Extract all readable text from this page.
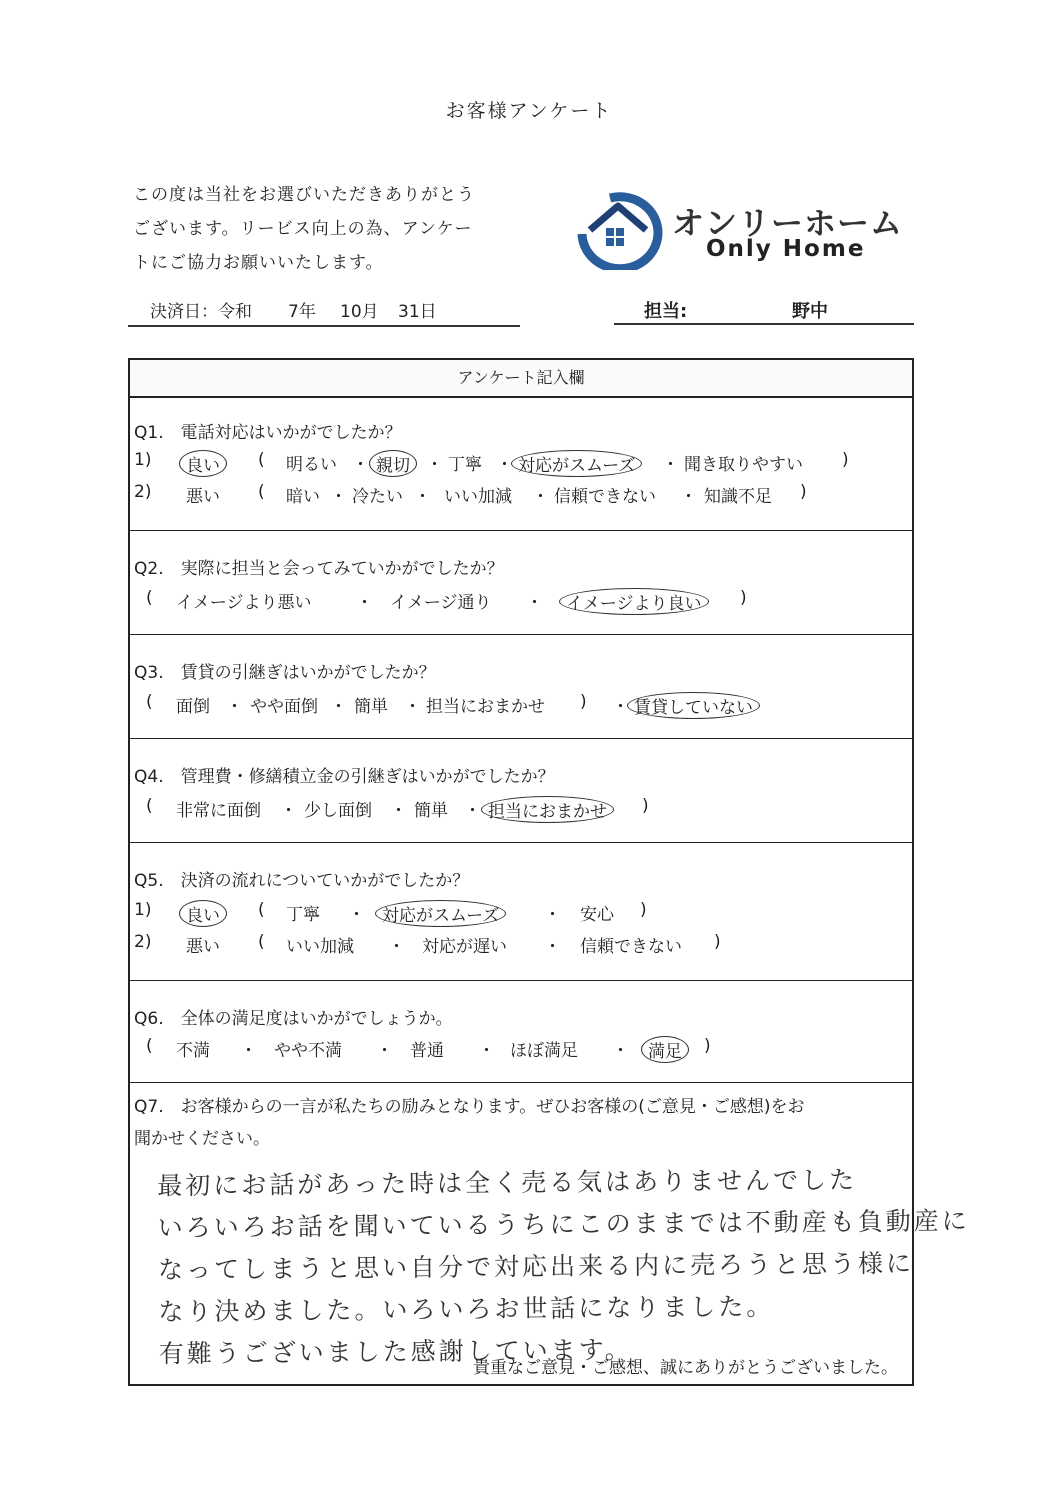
お客様アンケート
この度は当社をお選びいただきありがとう
ございます。リービス向上の為、アンケー
トにご協力お願いいたします。
オンリーホーム
Only Home
決済日：令和 7年 10月 31日	担当:	野中
アンケート記入欄
Q1.　電話対応はいかがでしたか？
1)	良い	( 明るい ・ 親切 ・ 丁寧 ・ 対応がスムーズ	・ 聞き取りやすい )
2) 悪い ( 暗い ・ 冷たい ・ いい加減 ・ 信頼できない ・ 知識不足 )
Q2.　実際に担当と会ってみていかがでしたか？
( イメージより悪い	・ イメージ通り ・	イメージより良い	)
Q3.　賃貸の引継ぎはいかがでしたか？
( 面倒 ・ やや面倒 ・ 簡単 ・ 担当におまかせ ) ・ 賃貸していない
Q4.　管理費・修繕積立金の引継ぎはいかがでしたか？
( 非常に面倒 ・ 少し面倒 ・ 簡単 ・ 担当におまかせ	)
Q5.　決済の流れについていかがでしたか？
1)	良い	( 丁寧 ・	対応がスムーズ	・ 安心 )
2) 悪い ( いい加減 ・ 対応が遅い ・ 信頼できない )
Q6.　全体の満足度はいかがでしょうか。
( 不満 ・ やや不満 ・ 普通 ・ ほぼ満足 ・	満足	)
Q7.　お客様からの一言が私たちの励みとなります。ぜひお客様の(ご意見・ご感想)をお
聞かせください。
最初にお話があった時は全く売る気はありませんでした
いろいろお話を聞いているうちにこのままでは不動産も負動産に
なってしまうと思い自分で対応出来る内に売ろうと思う様に
なり決めました。いろいろお世話になりました。
有難うございました感謝しています。
貴重なご意見・ご感想、誠にありがとうございました。
